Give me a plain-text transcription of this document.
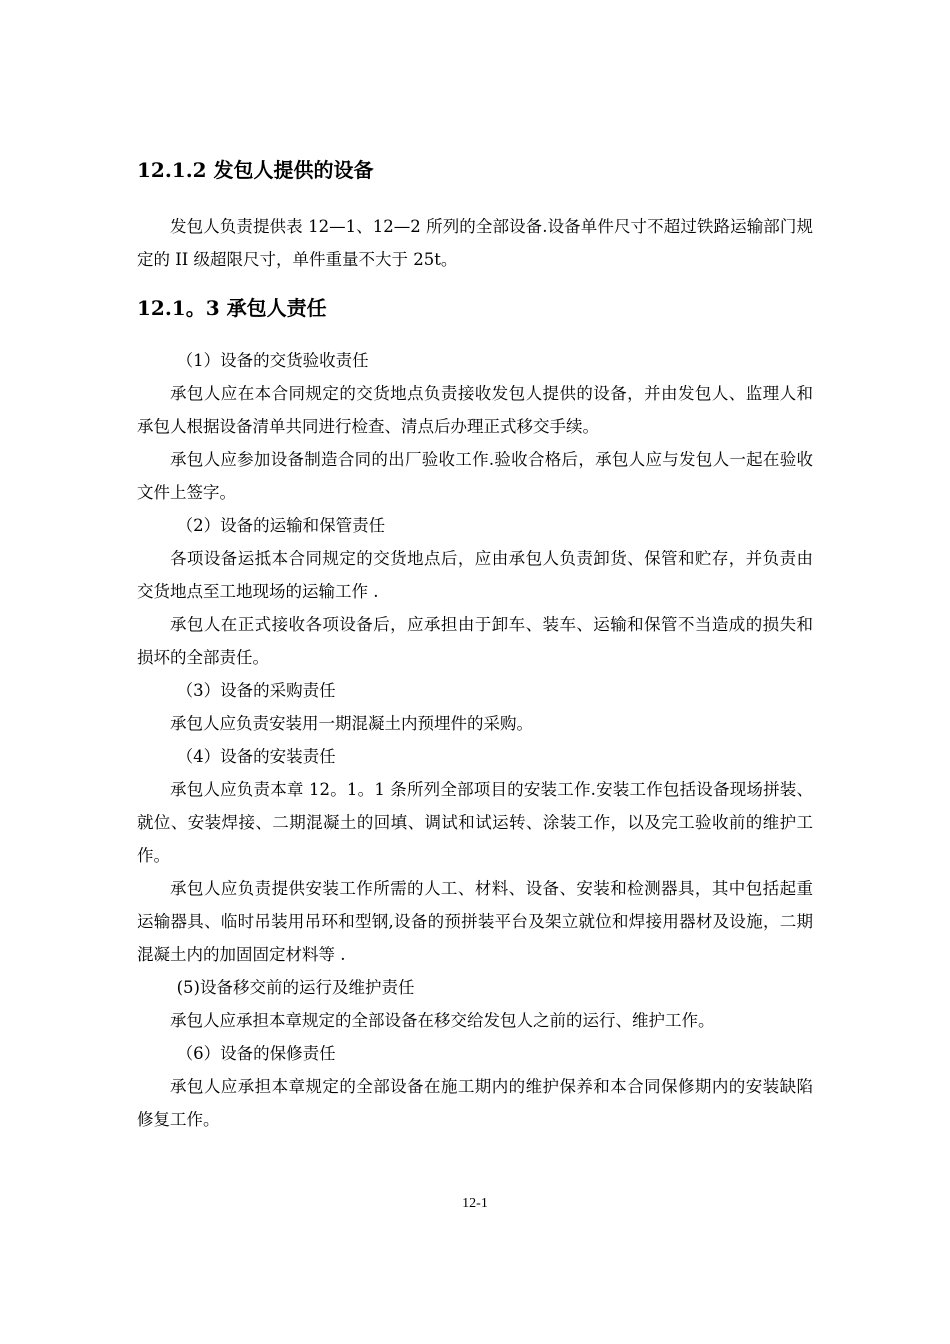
12.1.2 发包人提供的设备

发包人负责提供表 12—1、12—2 所列的全部设备.设备单件尺寸不超过铁路运输部门规定的 II 级超限尺寸，单件重量不大于 25t。

12.1。3 承包人责任

（1）设备的交货验收责任

承包人应在本合同规定的交货地点负责接收发包人提供的设备，并由发包人、监理人和承包人根据设备清单共同进行检查、清点后办理正式移交手续。

承包人应参加设备制造合同的出厂验收工作.验收合格后，承包人应与发包人一起在验收文件上签字。

（2）设备的运输和保管责任

各项设备运抵本合同规定的交货地点后，应由承包人负责卸货、保管和贮存，并负责由交货地点至工地现场的运输工作 .

承包人在正式接收各项设备后，应承担由于卸车、装车、运输和保管不当造成的损失和损坏的全部责任。

（3）设备的采购责任

承包人应负责安装用一期混凝土内预埋件的采购。

（4）设备的安装责任

承包人应负责本章 12。1。1 条所列全部项目的安装工作.安装工作包括设备现场拼装、就位、安装焊接、二期混凝土的回填、调试和试运转、涂装工作，以及完工验收前的维护工作。

承包人应负责提供安装工作所需的人工、材料、设备、安装和检测器具，其中包括起重运输器具、临时吊装用吊环和型钢,设备的预拼装平台及架立就位和焊接用器材及设施，二期混凝土内的加固固定材料等 .

(5)设备移交前的运行及维护责任

承包人应承担本章规定的全部设备在移交给发包人之前的运行、维护工作。

（6）设备的保修责任

承包人应承担本章规定的全部设备在施工期内的维护保养和本合同保修期内的安装缺陷修复工作。

12-1
